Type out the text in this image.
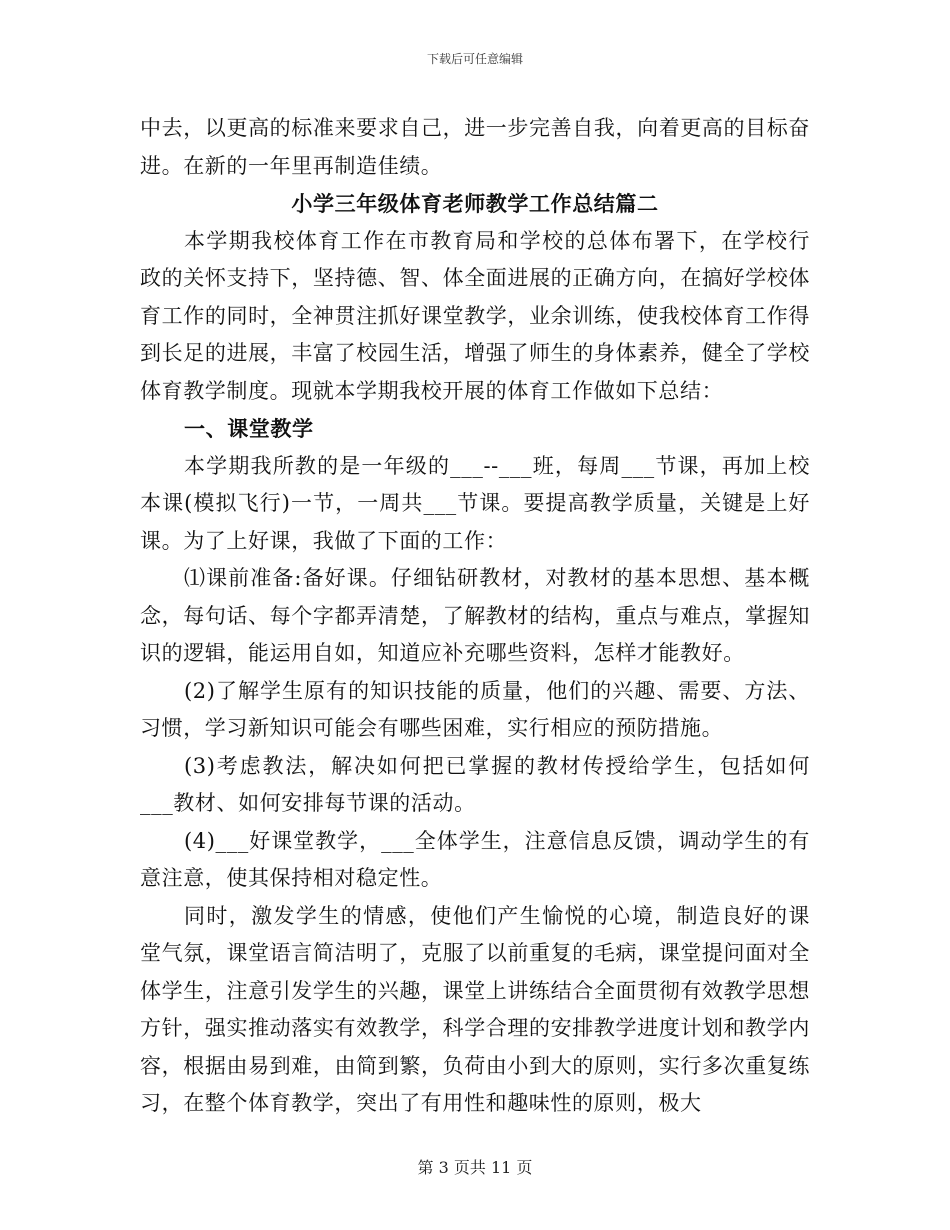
下载后可任意编辑

中去，以更高的标准来要求自己，进一步完善自我，向着更高的目标奋进。在新的一年里再制造佳绩。

小学三年级体育老师教学工作总结篇二

本学期我校体育工作在市教育局和学校的总体布署下，在学校行政的关怀支持下，坚持德、智、体全面进展的正确方向，在搞好学校体育工作的同时，全神贯注抓好课堂教学，业余训练，使我校体育工作得到长足的进展，丰富了校园生活，增强了师生的身体素养，健全了学校体育教学制度。现就本学期我校开展的体育工作做如下总结：

一、课堂教学

本学期我所教的是一年级的___--___班，每周___节课，再加上校本课(模拟飞行)一节，一周共___节课。要提高教学质量，关键是上好课。为了上好课，我做了下面的工作：

⑴课前准备:备好课。仔细钻研教材，对教材的基本思想、基本概念，每句话、每个字都弄清楚，了解教材的结构，重点与难点，掌握知识的逻辑，能运用自如，知道应补充哪些资料，怎样才能教好。

(2)了解学生原有的知识技能的质量，他们的兴趣、需要、方法、习惯，学习新知识可能会有哪些困难，实行相应的预防措施。

(3)考虑教法，解决如何把已掌握的教材传授给学生，包括如何___教材、如何安排每节课的活动。

(4)___好课堂教学，___全体学生，注意信息反馈，调动学生的有意注意，使其保持相对稳定性。

同时，激发学生的情感，使他们产生愉悦的心境，制造良好的课堂气氛，课堂语言简洁明了，克服了以前重复的毛病，课堂提问面对全体学生，注意引发学生的兴趣，课堂上讲练结合全面贯彻有效教学思想方针，强实推动落实有效教学，科学合理的安排教学进度计划和教学内容，根据由易到难，由简到繁，负荷由小到大的原则，实行多次重复练习，在整个体育教学，突出了有用性和趣味性的原则，极大

第 3 页共 11 页
